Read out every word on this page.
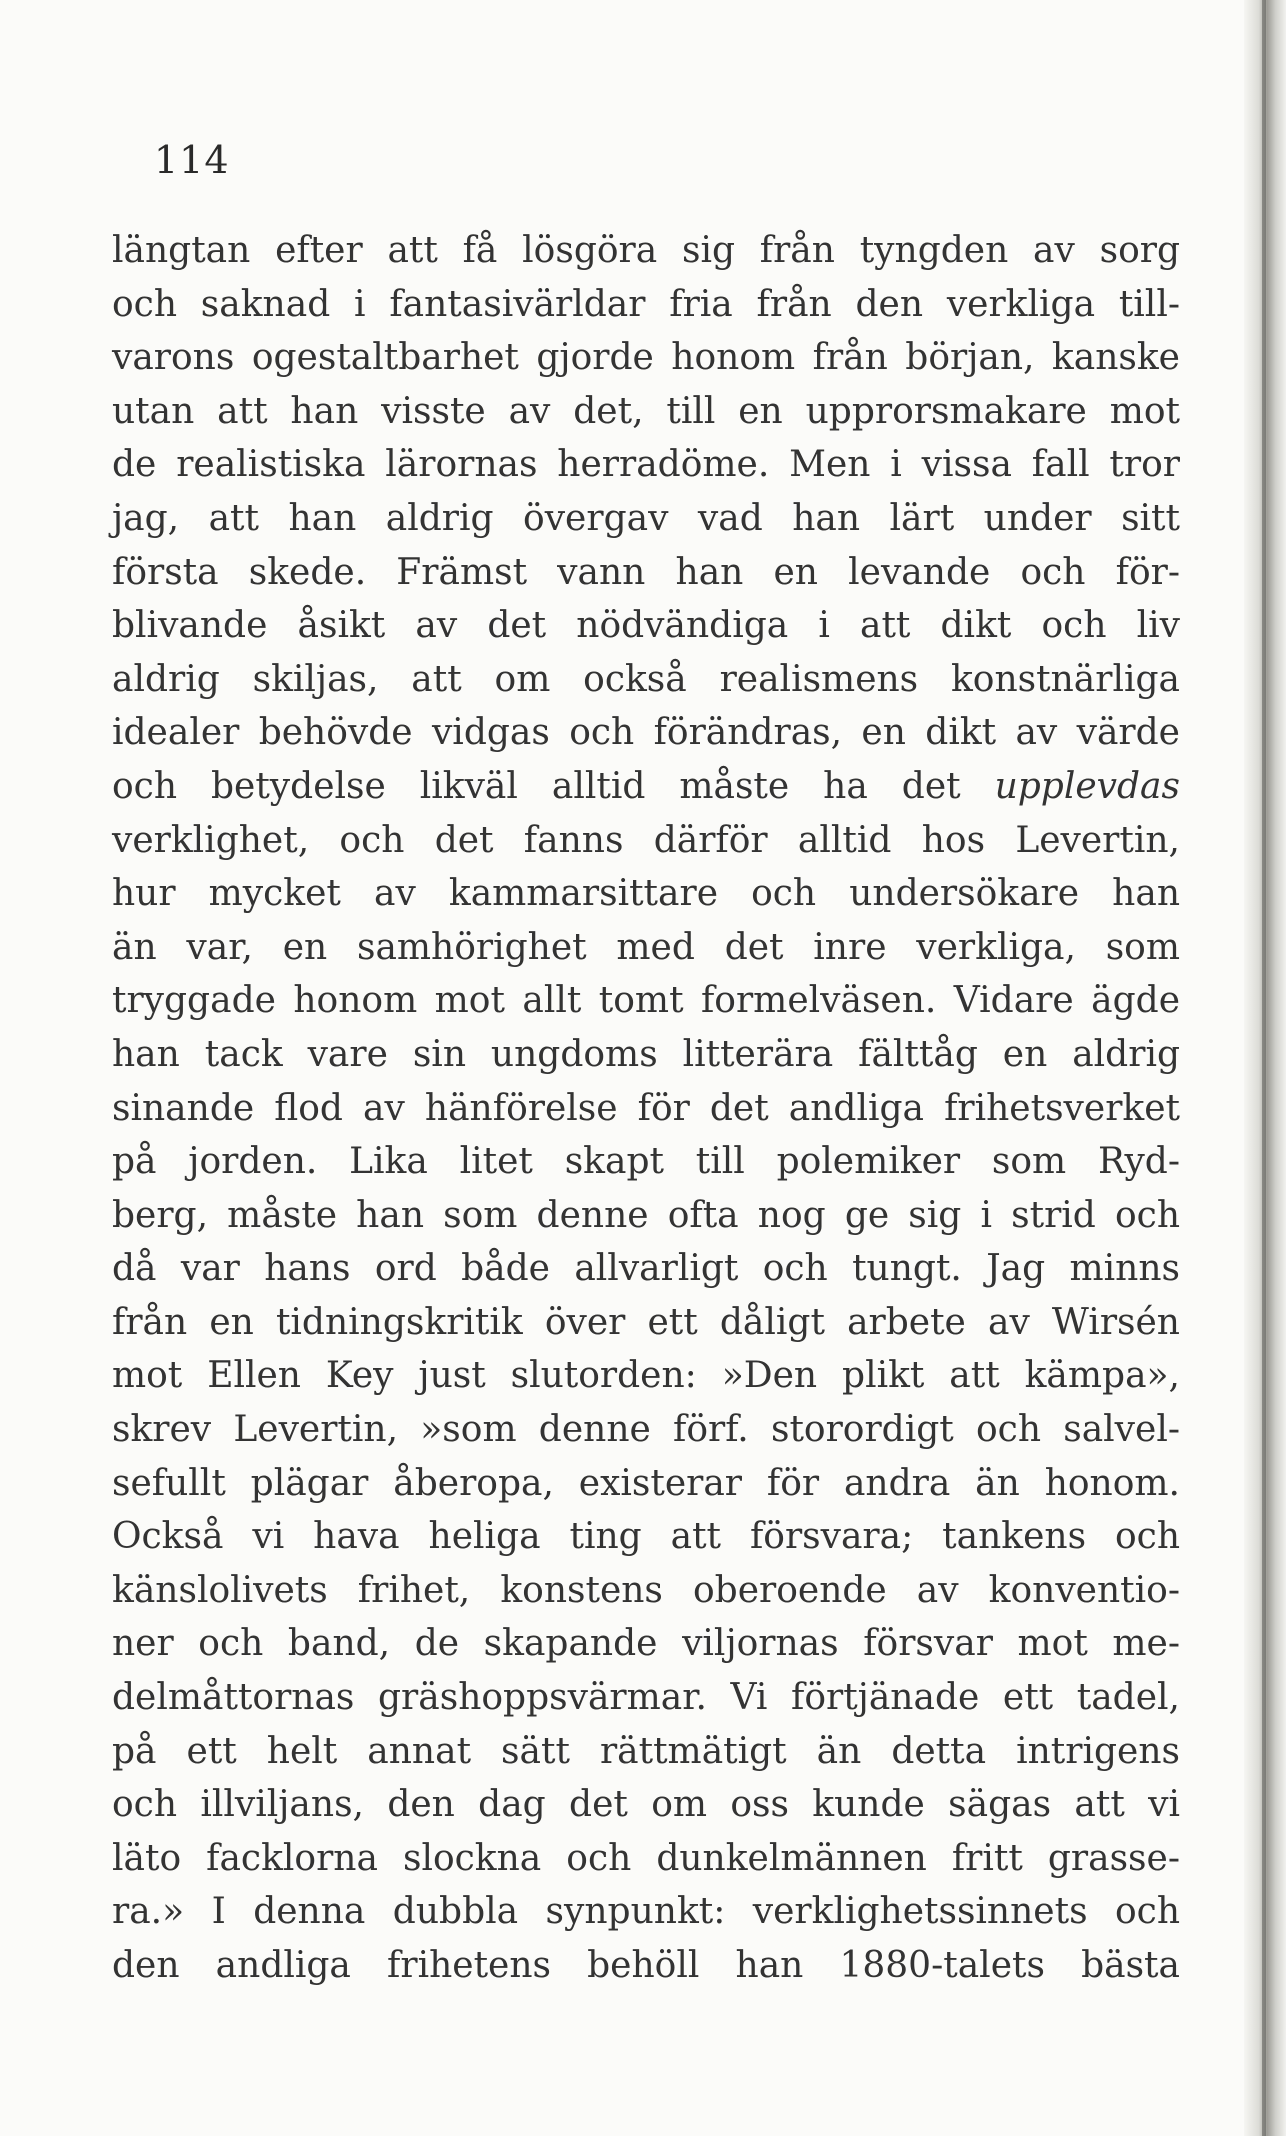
114
längtan efter att få lösgöra sig från tyngden av sorg
och saknad i fantasivärldar fria från den verkliga till-
varons ogestaltbarhet gjorde honom från början, kanske
utan att han visste av det, till en upprorsmakare mot
de realistiska lärornas herradöme. Men i vissa fall tror
jag, att han aldrig övergav vad han lärt under sitt
första skede. Främst vann han en levande och för-
blivande åsikt av det nödvändiga i att dikt och liv
aldrig skiljas, att om också realismens konstnärliga
idealer behövde vidgas och förändras, en dikt av värde
och betydelse likväl alltid måste ha det upplevdas
verklighet, och det fanns därför alltid hos Levertin,
hur mycket av kammarsittare och undersökare han
än var, en samhörighet med det inre verkliga, som
tryggade honom mot allt tomt formelväsen. Vidare ägde
han tack vare sin ungdoms litterära fälttåg en aldrig
sinande flod av hänförelse för det andliga frihetsverket
på jorden. Lika litet skapt till polemiker som Ryd-
berg, måste han som denne ofta nog ge sig i strid och
då var hans ord både allvarligt och tungt. Jag minns
från en tidningskritik över ett dåligt arbete av Wirsén
mot Ellen Key just slutorden: »Den plikt att kämpa»,
skrev Levertin, »som denne förf. storordigt och salvel-
sefullt plägar åberopa, existerar för andra än honom.
Också vi hava heliga ting att försvara; tankens och
känslolivets frihet, konstens oberoende av konventio-
ner och band, de skapande viljornas försvar mot me-
delmåttornas gräshoppsvärmar. Vi förtjänade ett tadel,
på ett helt annat sätt rättmätigt än detta intrigens
och illviljans, den dag det om oss kunde sägas att vi
läto facklorna slockna och dunkelmännen fritt grasse-
ra.» I denna dubbla synpunkt: verklighetssinnets och
den andliga frihetens behöll han 1880-talets bästa
